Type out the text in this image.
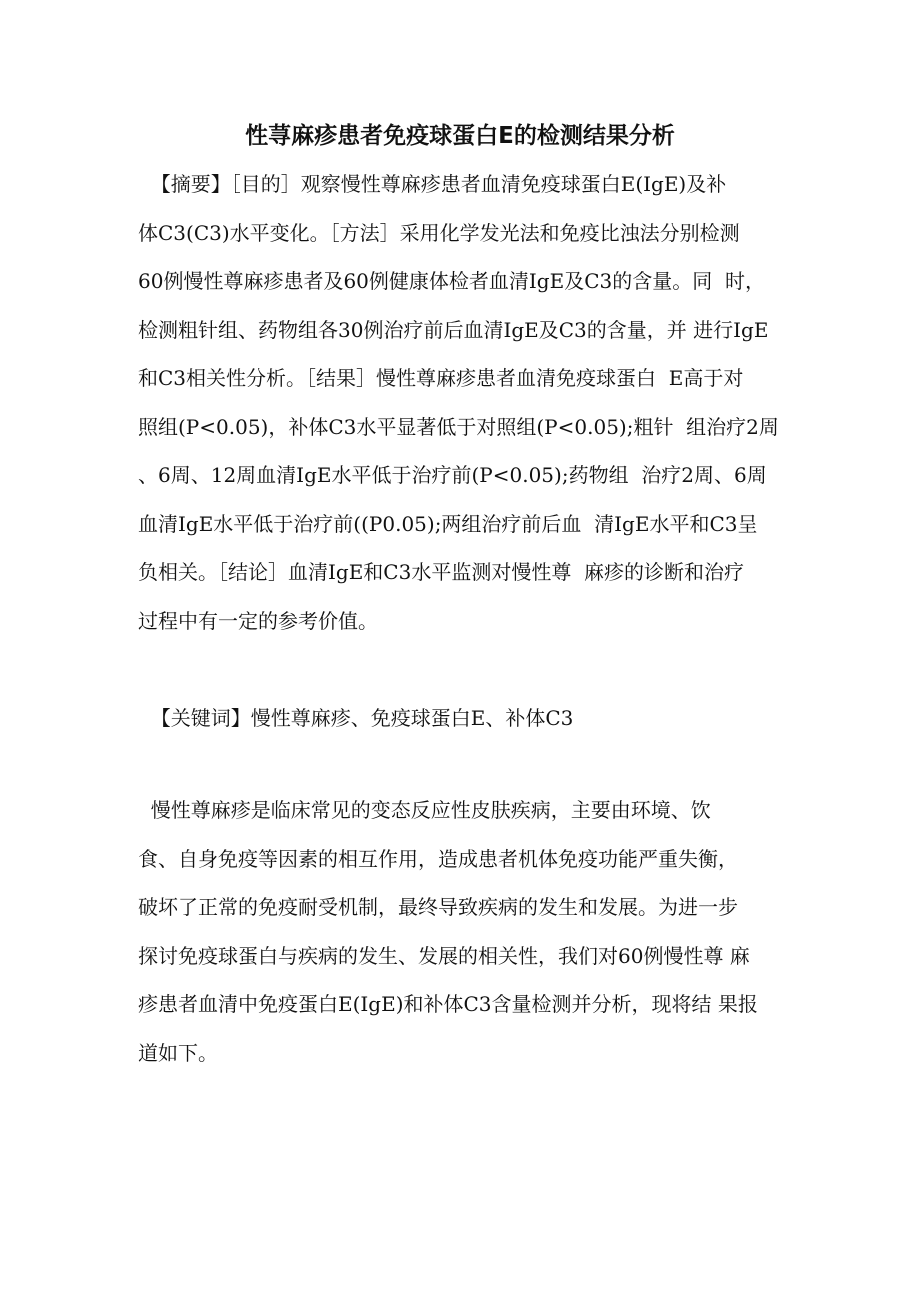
性荨麻疹患者免疫球蛋白E的检测结果分析
【摘要】［目的］观察慢性尊麻疹患者血清免疫球蛋白E(IgE)及补
体C3(C3)水平变化。［方法］采用化学发光法和免疫比浊法分别检测
60例慢性尊麻疹患者及60例健康体检者血清IgE及C3的含量。同  时，
检测粗针组、药物组各30例治疗前后血清IgE及C3的含量，并 进行IgE
和C3相关性分析。［结果］慢性尊麻疹患者血清免疫球蛋白  E高于对
照组(P<0.05)，补体C3水平显著低于对照组(P<0.05);粗针  组治疗2周
、6周、12周血清IgE水平低于治疗前(P<0.05);药物组  治疗2周、6周
血清IgE水平低于治疗前((P0.05);两组治疗前后血  清IgE水平和C3呈
负相关。［结论］血清IgE和C3水平监测对慢性尊  麻疹的诊断和治疗
过程中有一定的参考价值。
【关键词】慢性尊麻疹、免疫球蛋白E、补体C3
慢性尊麻疹是临床常见的变态反应性皮肤疾病，主要由环境、饮
食、自身免疫等因素的相互作用，造成患者机体免疫功能严重失衡，
破坏了正常的免疫耐受机制，最终导致疾病的发生和发展。为进一步
探讨免疫球蛋白与疾病的发生、发展的相关性，我们对60例慢性尊 麻
疹患者血清中免疫蛋白E(IgE)和补体C3含量检测并分析，现将结 果报
道如下。
